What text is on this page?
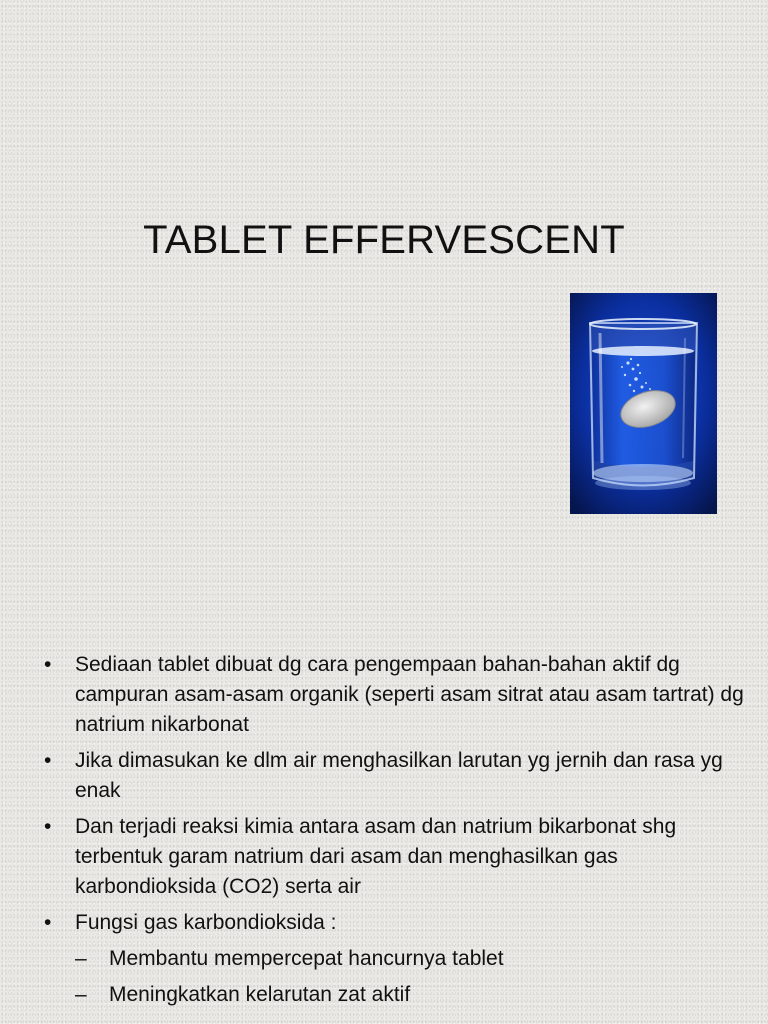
TABLET EFFERVESCENT
• Sediaan tablet dibuat dg cara pengempaan bahan-bahan aktif dg campuran asam-asam organik (seperti asam sitrat atau asam tartrat) dg natrium nikarbonat
• Jika dimasukan ke dlm air menghasilkan larutan yg jernih dan rasa yg enak
• Dan terjadi reaksi kimia antara asam dan natrium bikarbonat shg terbentuk garam natrium dari asam dan menghasilkan gas karbondioksida (CO2) serta air
• Fungsi gas karbondioksida :
– Membantu mempercepat hancurnya tablet
– Meningkatkan kelarutan zat aktif
